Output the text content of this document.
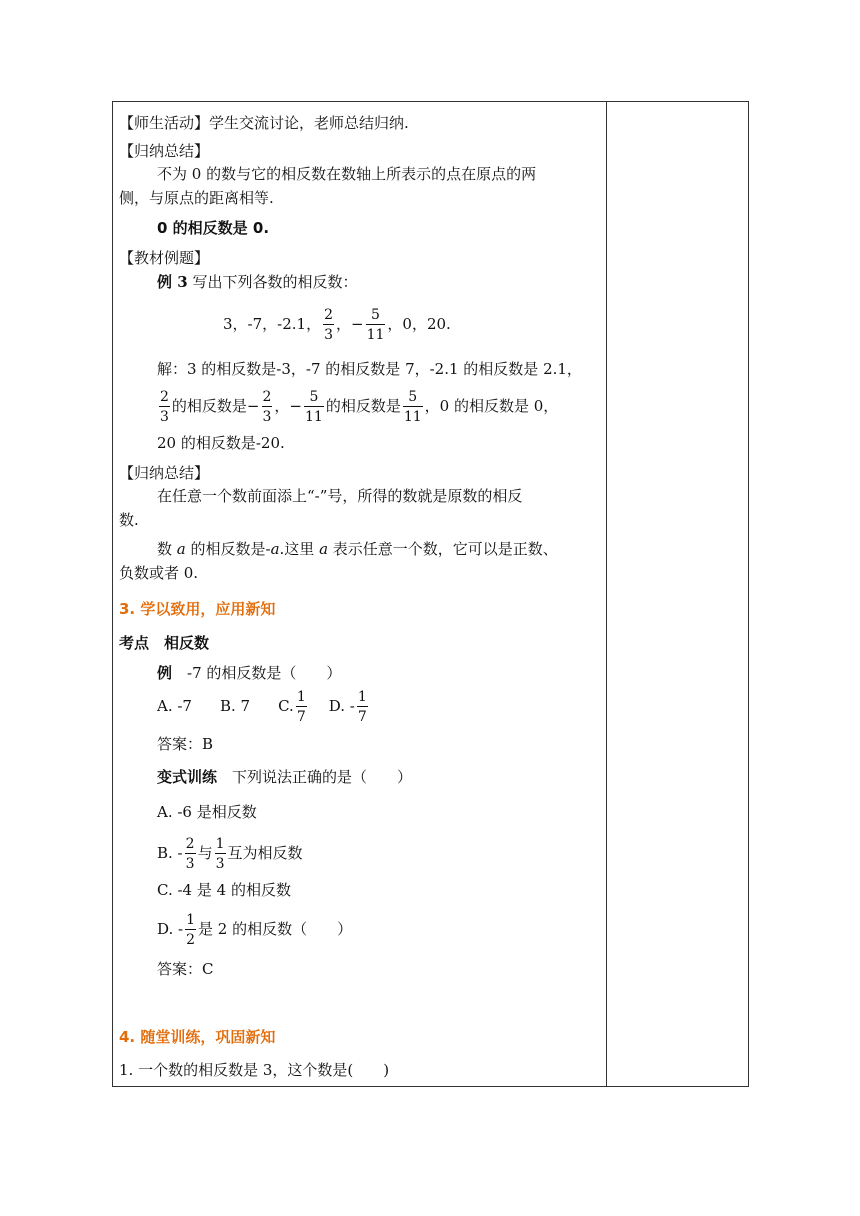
【师生活动】学生交流讨论，老师总结归纳.
【归纳总结】
不为 0 的数与它的相反数在数轴上所表示的点在原点的两
侧，与原点的距离相等.
0 的相反数是 0.
【教材例题】
例 3 写出下列各数的相反数：
3，-7，-2.1， $\frac{2}{3}$ ，− $\frac{5}{11}$ ，0，20.
解：3 的相反数是-3，-7 的相反数是 7，-2.1 的相反数是 2.1，
$\frac{2}{3}$ 的相反数是− $\frac{2}{3}$ ，− $\frac{5}{11}$ 的相反数是 $\frac{5}{11}$ ，0 的相反数是 0，
20 的相反数是-20.
【归纳总结】
在任意一个数前面添上“-”号，所得的数就是原数的相反
数.
数 a 的相反数是-a.这里 a 表示任意一个数，它可以是正数、
负数或者 0.
3. 学以致用，应用新知
考点　相反数
例　-7 的相反数是（　　）
A. -7 B. 7 C. $\frac{1}{7} D$. - $\frac{1}{7}$
答案：B
变式训练　下列说法正确的是（　　）
A. -6 是相反数
B. - $\frac{2}{3}$ 与 $\frac{1}{3}$ 互为相反数
C. -4 是 4 的相反数
D. - $\frac{1}{2}$ 是 2 的相反数（　　）
答案：C
4. 随堂训练，巩固新知
1. 一个数的相反数是 3，这个数是(　　)
